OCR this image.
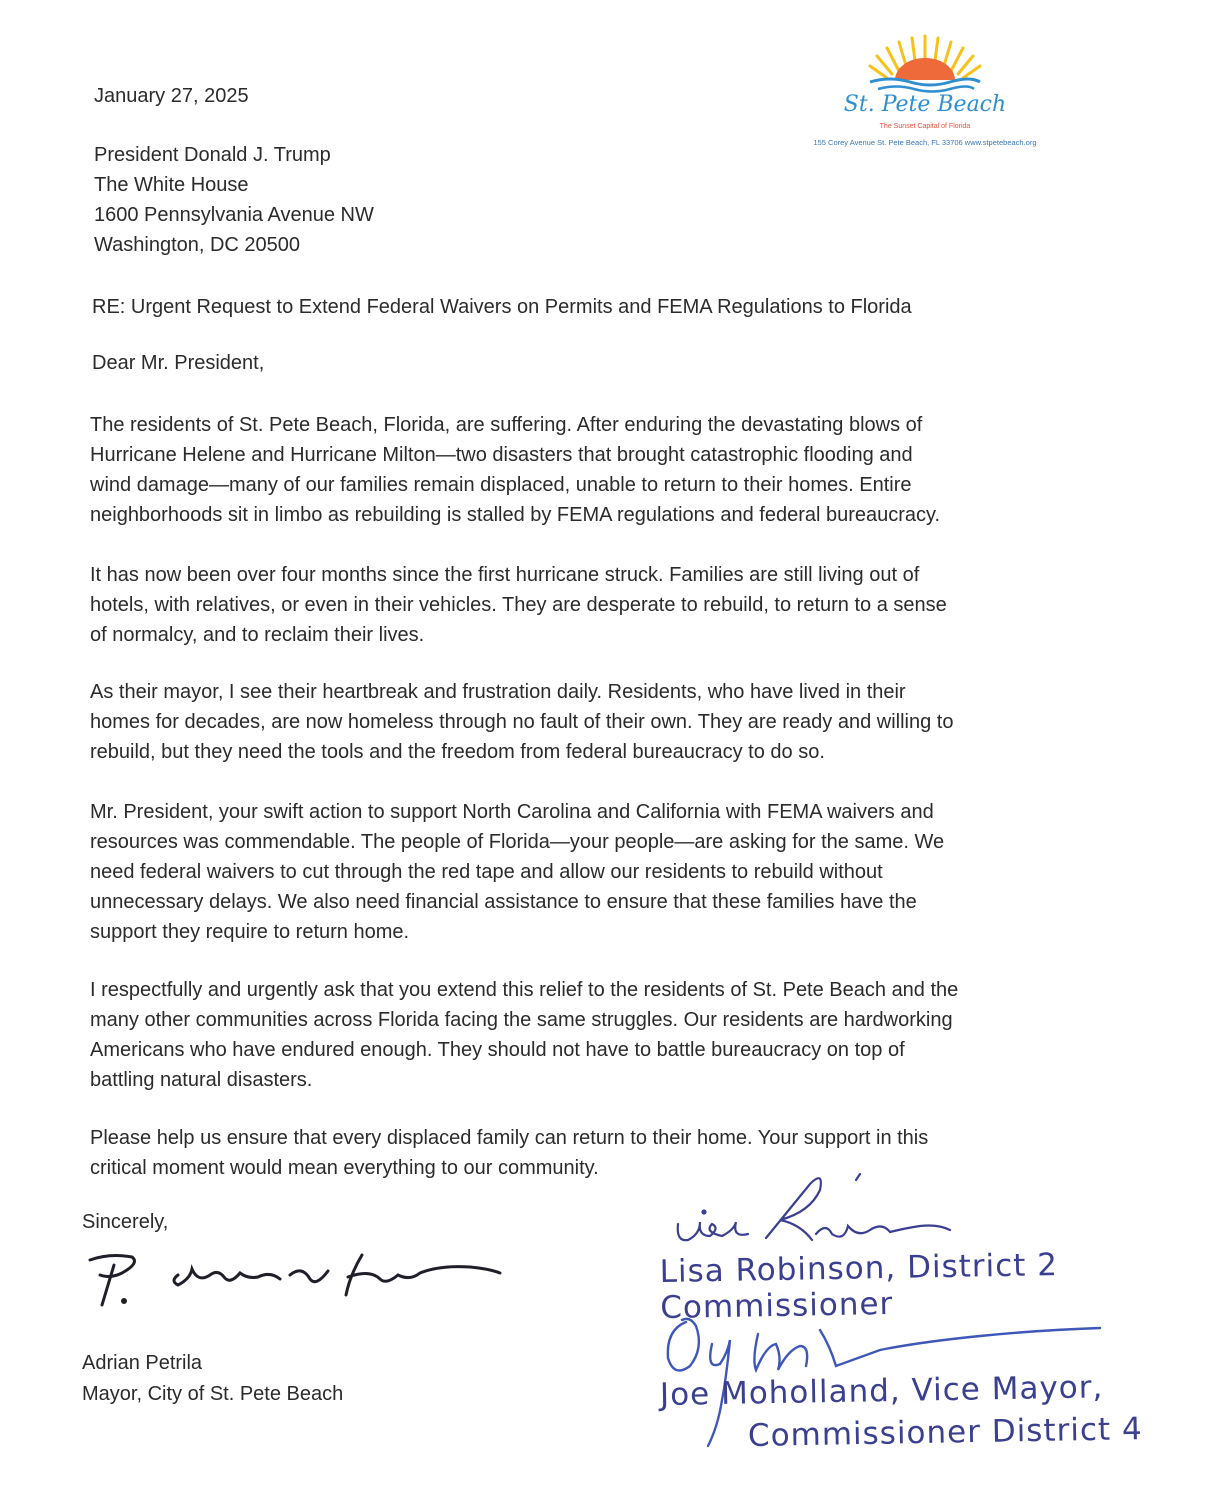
St. Pete Beach
The Sunset Capital of Florida
155 Corey Avenue St. Pete Beach, FL 33706 www.stpetebeach.org

January 27, 2025

President Donald J. Trump
The White House
1600 Pennsylvania Avenue NW
Washington, DC 20500

RE: Urgent Request to Extend Federal Waivers on Permits and FEMA Regulations to Florida

Dear Mr. President,

The residents of St. Pete Beach, Florida, are suffering. After enduring the devastating blows of
Hurricane Helene and Hurricane Milton—two disasters that brought catastrophic flooding and
wind damage—many of our families remain displaced, unable to return to their homes. Entire
neighborhoods sit in limbo as rebuilding is stalled by FEMA regulations and federal bureaucracy.
It has now been over four months since the first hurricane struck. Families are still living out of
hotels, with relatives, or even in their vehicles. They are desperate to rebuild, to return to a sense
of normalcy, and to reclaim their lives.
As their mayor, I see their heartbreak and frustration daily. Residents, who have lived in their
homes for decades, are now homeless through no fault of their own. They are ready and willing to
rebuild, but they need the tools and the freedom from federal bureaucracy to do so.
Mr. President, your swift action to support North Carolina and California with FEMA waivers and
resources was commendable. The people of Florida—your people—are asking for the same. We
need federal waivers to cut through the red tape and allow our residents to rebuild without
unnecessary delays. We also need financial assistance to ensure that these families have the
support they require to return home.
I respectfully and urgently ask that you extend this relief to the residents of St. Pete Beach and the
many other communities across Florida facing the same struggles. Our residents are hardworking
Americans who have endured enough. They should not have to battle bureaucracy on top of
battling natural disasters.
Please help us ensure that every displaced family can return to their home. Your support in this
critical moment would mean everything to our community.

Sincerely,

Adrian Petrila
Mayor, City of St. Pete Beach

Lisa Robinson, District 2 Commissioner

Joe Moholland, Vice Mayor,

Commissioner District 4
